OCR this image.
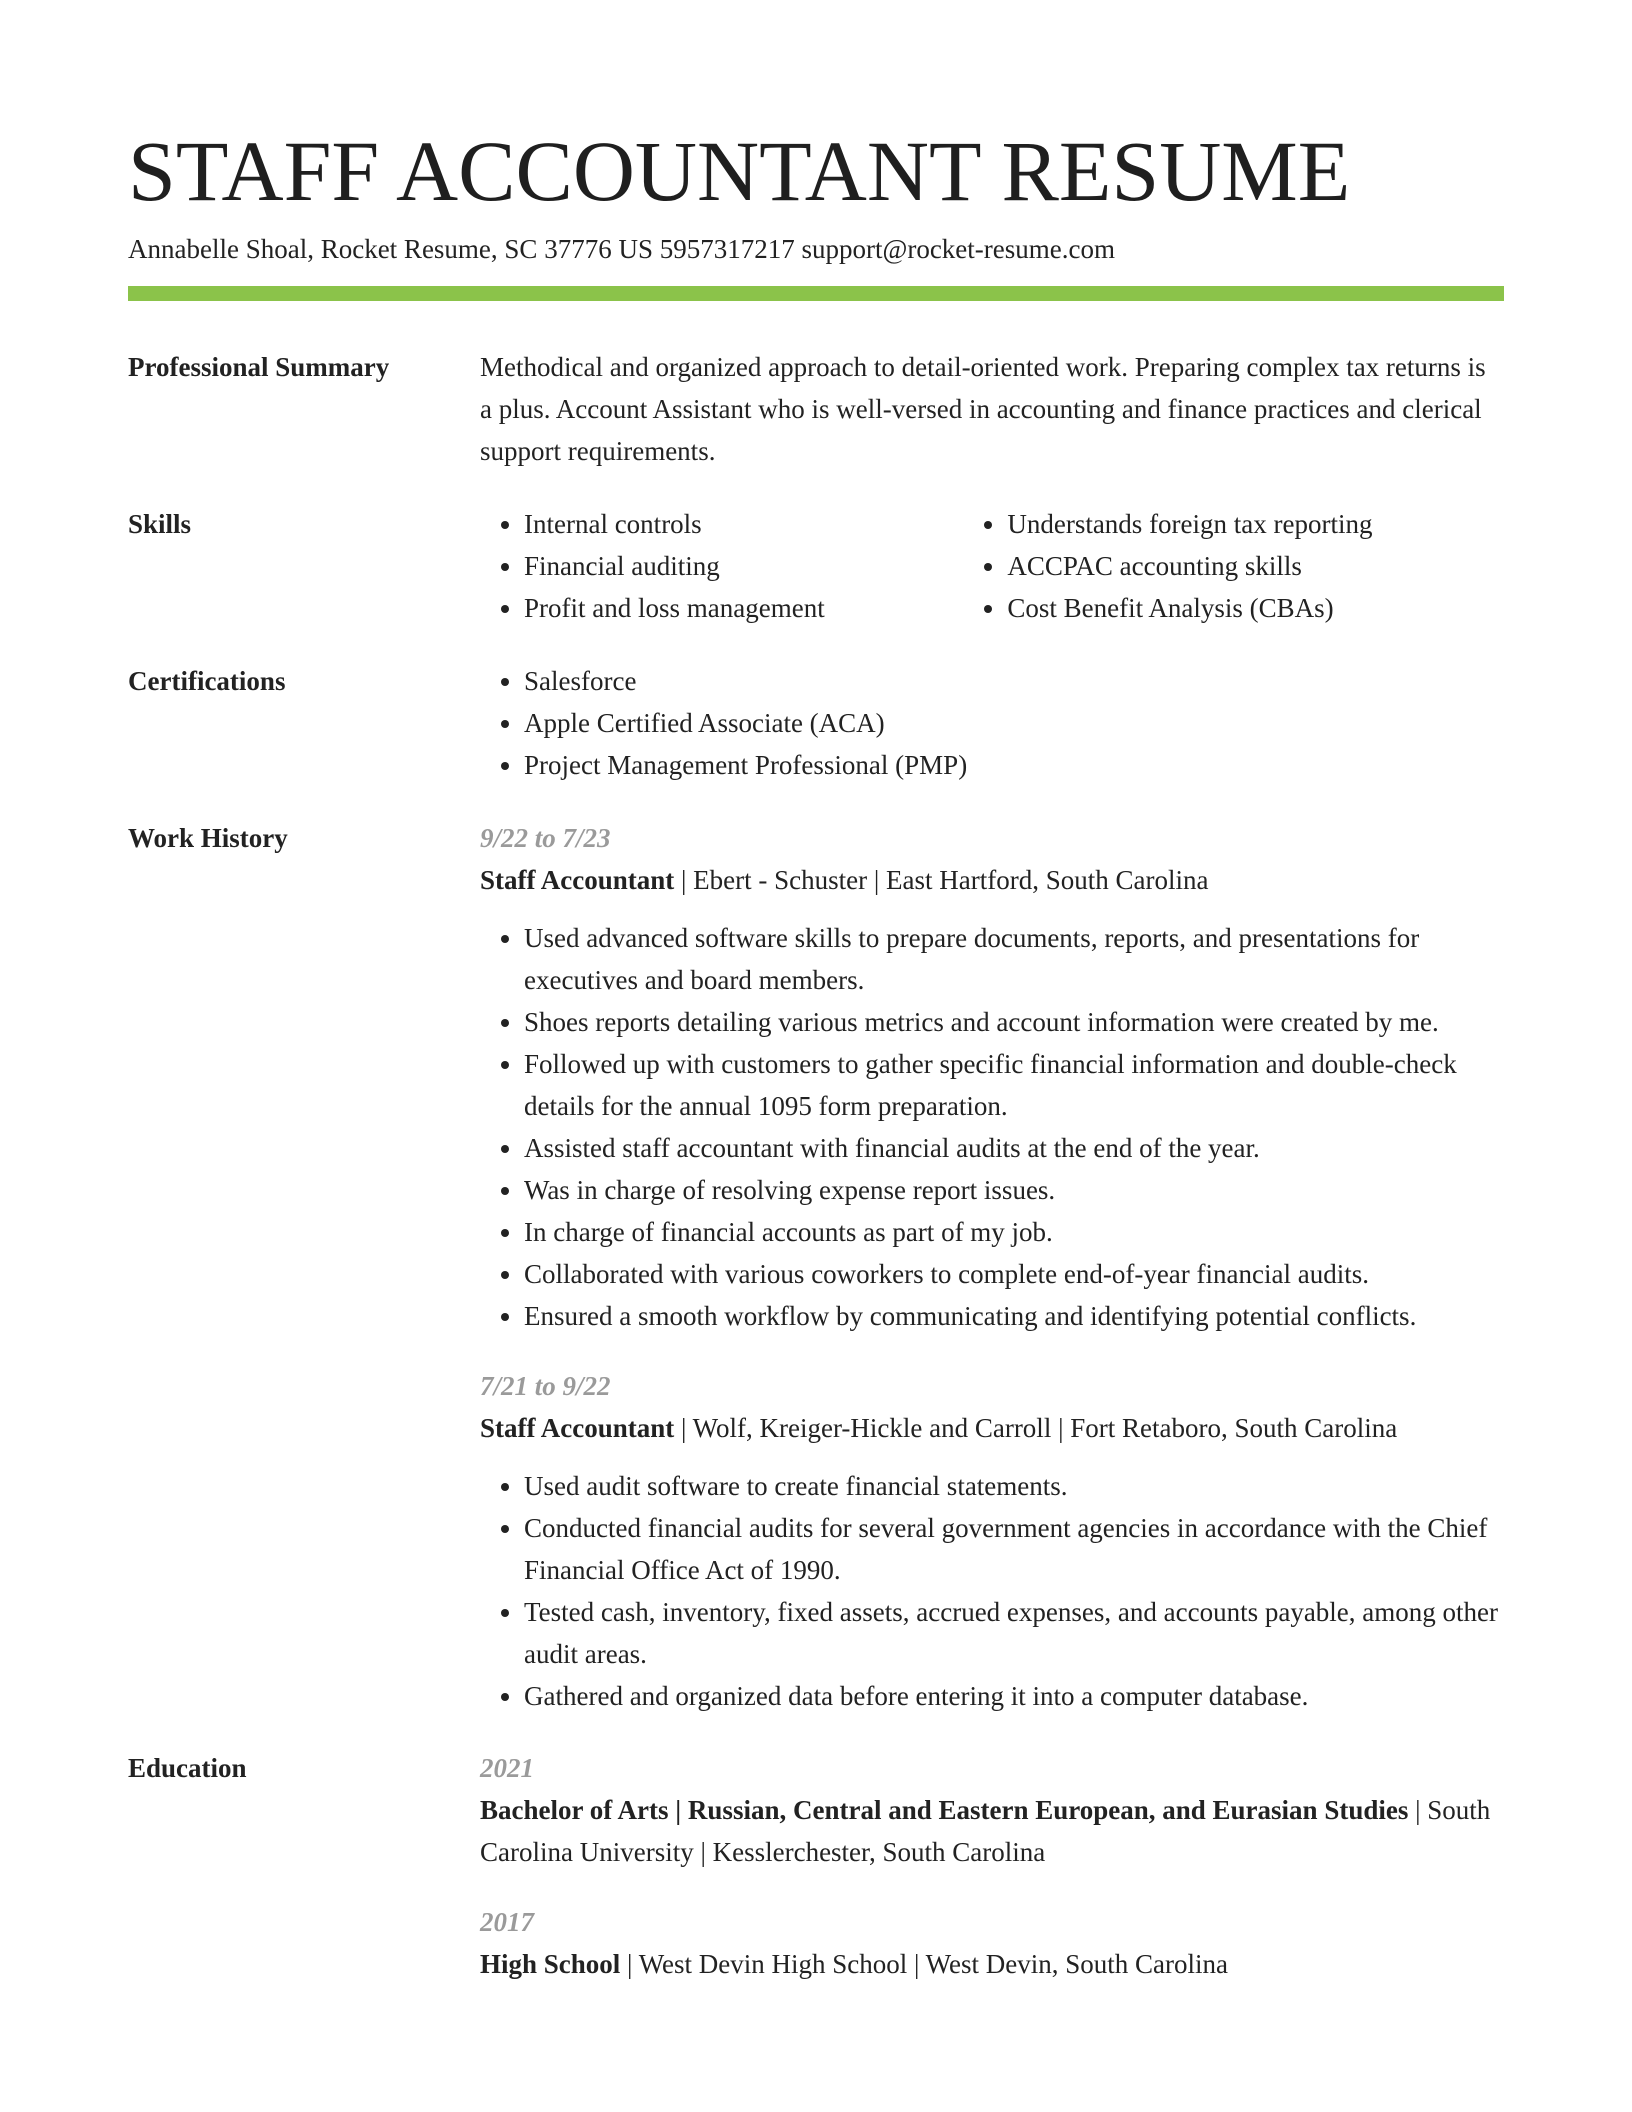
STAFF ACCOUNTANT RESUME
Annabelle Shoal, Rocket Resume, SC 37776 US 5957317217 support@rocket-resume.com
Professional Summary	Methodical and organized approach to detail-oriented work. Preparing complex tax returns is a plus. Account Assistant who is well-versed in accounting and finance practices and clerical support requirements.

Skills	• Internal controls
• Financial auditing
• Profit and loss management
• Understands foreign tax reporting
• ACCPAC accounting skills
• Cost Benefit Analysis (CBAs)
Certifications	• Salesforce
• Apple Certified Associate (ACA)
• Project Management Professional (PMP)
Work History	9/22 to 7/23
Staff Accountant | Ebert - Schuster | East Hartford, South Carolina
• Used advanced software skills to prepare documents, reports, and presentations for executives and board members.
• Shoes reports detailing various metrics and account information were created by me.
• Followed up with customers to gather specific financial information and double-check details for the annual 1095 form preparation.
• Assisted staff accountant with financial audits at the end of the year.
• Was in charge of resolving expense report issues.
• In charge of financial accounts as part of my job.
• Collaborated with various coworkers to complete end-of-year financial audits.
• Ensured a smooth workflow by communicating and identifying potential conflicts.
7/21 to 9/22
Staff Accountant | Wolf, Kreiger-Hickle and Carroll | Fort Retaboro, South Carolina
• Used audit software to create financial statements.
• Conducted financial audits for several government agencies in accordance with the Chief Financial Office Act of 1990.
• Tested cash, inventory, fixed assets, accrued expenses, and accounts payable, among other audit areas.
• Gathered and organized data before entering it into a computer database.
Education	2021
Bachelor of Arts | Russian, Central and Eastern European, and Eurasian Studies | South Carolina University | Kesslerchester, South Carolina
2017
High School | West Devin High School | West Devin, South Carolina
